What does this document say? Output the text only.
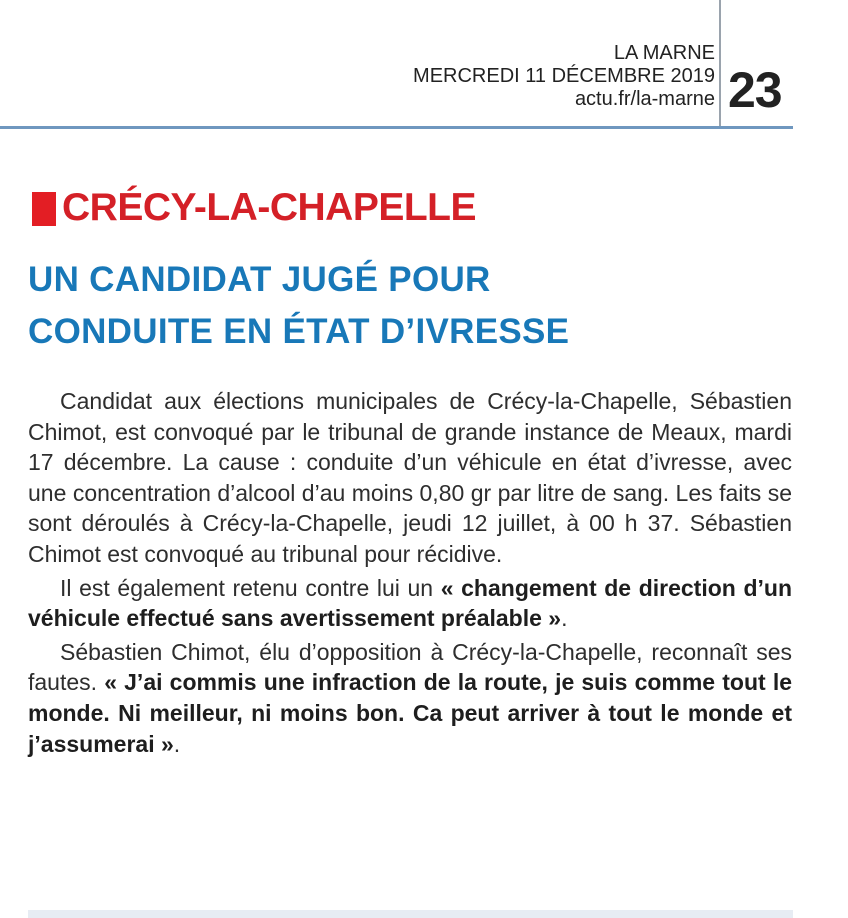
LA MARNE
MERCREDI 11 DÉCEMBRE 2019
actu.fr/la-marne 23
CRÉCY-LA-CHAPELLE
UN CANDIDAT JUGÉ POUR
CONDUITE EN ÉTAT D’IVRESSE

Candidat aux élections municipales de Crécy-la-Chapelle, Sébastien Chimot, est convoqué par le tribunal de grande instance de Meaux, mardi 17 décembre. La cause : conduite d’un véhicule en état d’ivresse, avec une concentration d’alcool d’au moins 0,80 gr par litre de sang. Les faits se sont déroulés à Crécy-la-Chapelle, jeudi 12 juillet, à 00 h 37. Sébastien Chimot est convoqué au tribunal pour récidive.

Il est également retenu contre lui un « changement de direction d’un véhicule effectué sans avertissement préalable ».

Sébastien Chimot, élu d’opposition à Crécy-la-Chapelle, reconnaît ses fautes. « J’ai commis une infraction de la route, je suis comme tout le monde. Ni meilleur, ni moins bon. Ca peut arriver à tout le monde et j’assumerai ».
